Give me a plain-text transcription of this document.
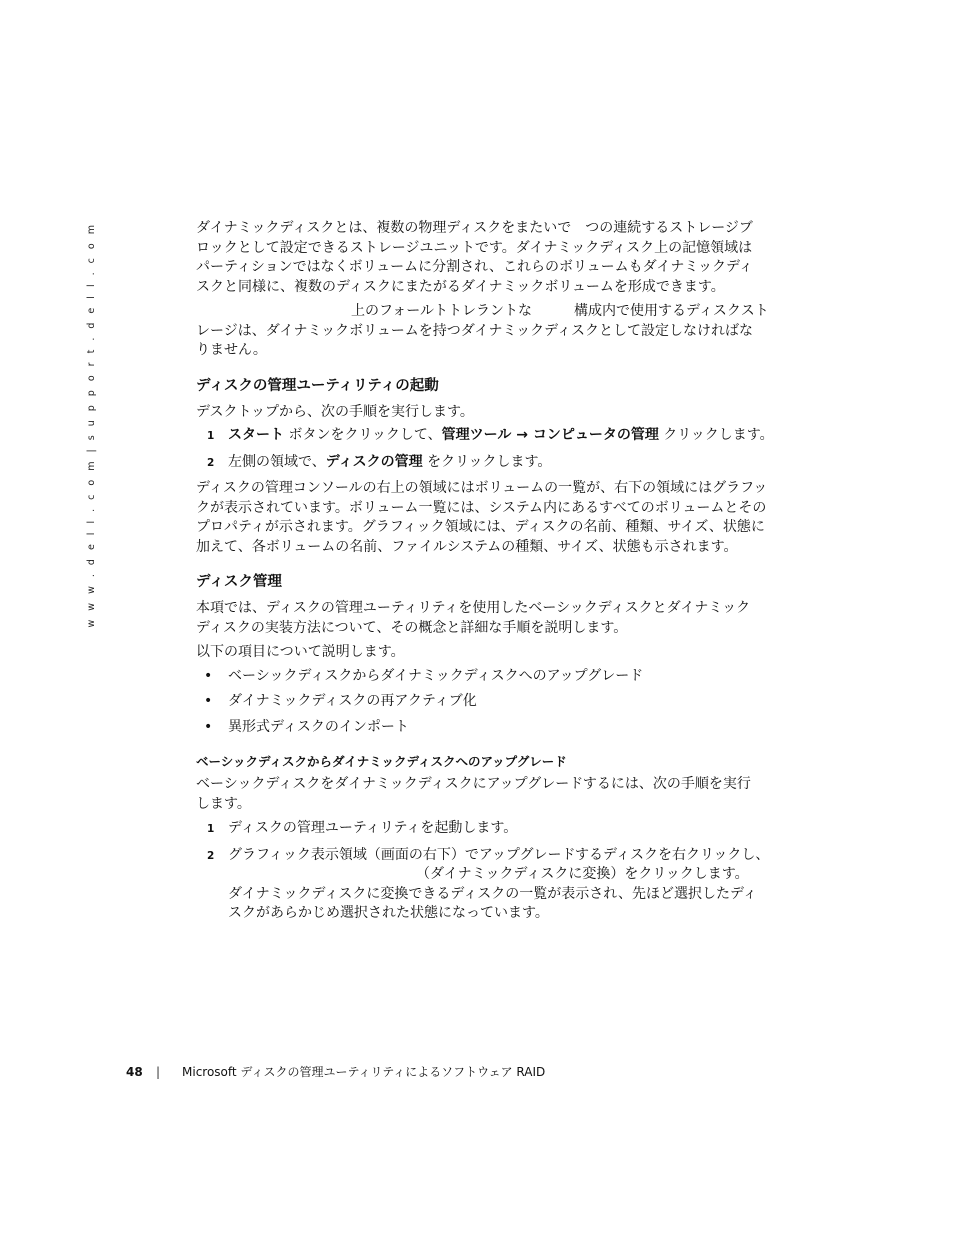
w w w . d e l l . c o m | s u p p o r t . d e l l . c o m	ダイナミックディスクとは、複数の物理ディスクをまたいで　つの連続するストレージブ
ロックとして設定できるストレージユニットです。ダイナミックディスク上の記憶領域は
パーティションではなくボリュームに分割され、これらのボリュームもダイナミックディ
スクと同様に、複数のディスクにまたがるダイナミックボリュームを形成できます。

上のフォールトトレラントな	構成内で使用するディスクスト
レージは、ダイナミックボリュームを持つダイナミックディスクとして設定しなければな
りません。

ディスクの管理ユーティリティの起動

デスクトップから、次の手順を実行します。

1 スタート ボタンをクリックして、管理ツール → コンピュータの管理 クリックします。
2 左側の領域で、ディスクの管理 をクリックします。

ディスクの管理コンソールの右上の領域にはボリュームの一覧が、右下の領域にはグラフッ
クが表示されています。ボリューム一覧には、システム内にあるすべてのボリュームとその
プロパティが示されます。グラフィック領域には、ディスクの名前、種類、サイズ、状態に
加えて、各ボリュームの名前、ファイルシステムの種類、サイズ、状態も示されます。

ディスク管理

本項では、ディスクの管理ユーティリティを使用したベーシックディスクとダイナミック
ディスクの実装方法について、その概念と詳細な手順を説明します。

以下の項目について説明します。

•	ベーシックディスクからダイナミックディスクへのアップグレード
•	ダイナミックディスクの再アクティブ化
•	異形式ディスクのインポート
ベーシックディスクからダイナミックディスクへのアップグレード

ベーシックディスクをダイナミックディスクにアップグレードするには、次の手順を実行
します。

1 ディスクの管理ユーティリティを起動します。
2 グラフィック表示領域（画面の右下）でアップグレードするディスクを右クリックし、
（ダイナミックディスクに変換）をクリックします。
ダイナミックディスクに変換できるディスクの一覧が表示され、先ほど選択したディ
スクがあらかじめ選択された状態になっています。
48	|	Microsoft ディスクの管理ユーティリティによるソフトウェア RAID
